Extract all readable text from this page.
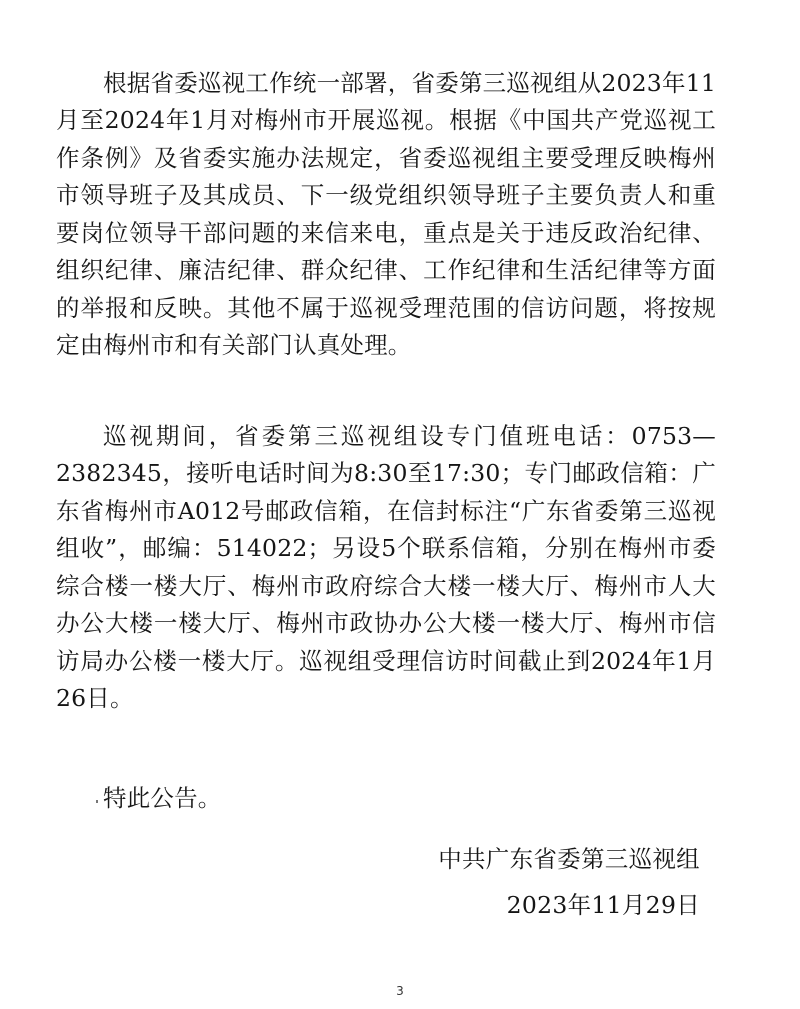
根据省委巡视工作统一部署，省委第三巡视组从2023年11月至2024年1月对梅州市开展巡视。根据《中国共产党巡视工作条例》及省委实施办法规定，省委巡视组主要受理反映梅州市领导班子及其成员、下一级党组织领导班子主要负责人和重要岗位领导干部问题的来信来电，重点是关于违反政治纪律、组织纪律、廉洁纪律、群众纪律、工作纪律和生活纪律等方面的举报和反映。其他不属于巡视受理范围的信访问题，将按规定由梅州市和有关部门认真处理。

巡视期间，省委第三巡视组设专门值班电话：0753—2382345，接听电话时间为8:30至17:30；专门邮政信箱：广东省梅州市A012号邮政信箱，在信封标注“广东省委第三巡视组收”，邮编：514022；另设5个联系信箱，分别在梅州市委综合楼一楼大厅、梅州市政府综合大楼一楼大厅、梅州市人大办公大楼一楼大厅、梅州市政协办公大楼一楼大厅、梅州市信访局办公楼一楼大厅。巡视组受理信访时间截止到2024年1月26日。

特此公告。

中共广东省委第三巡视组
2023年11月29日
3
